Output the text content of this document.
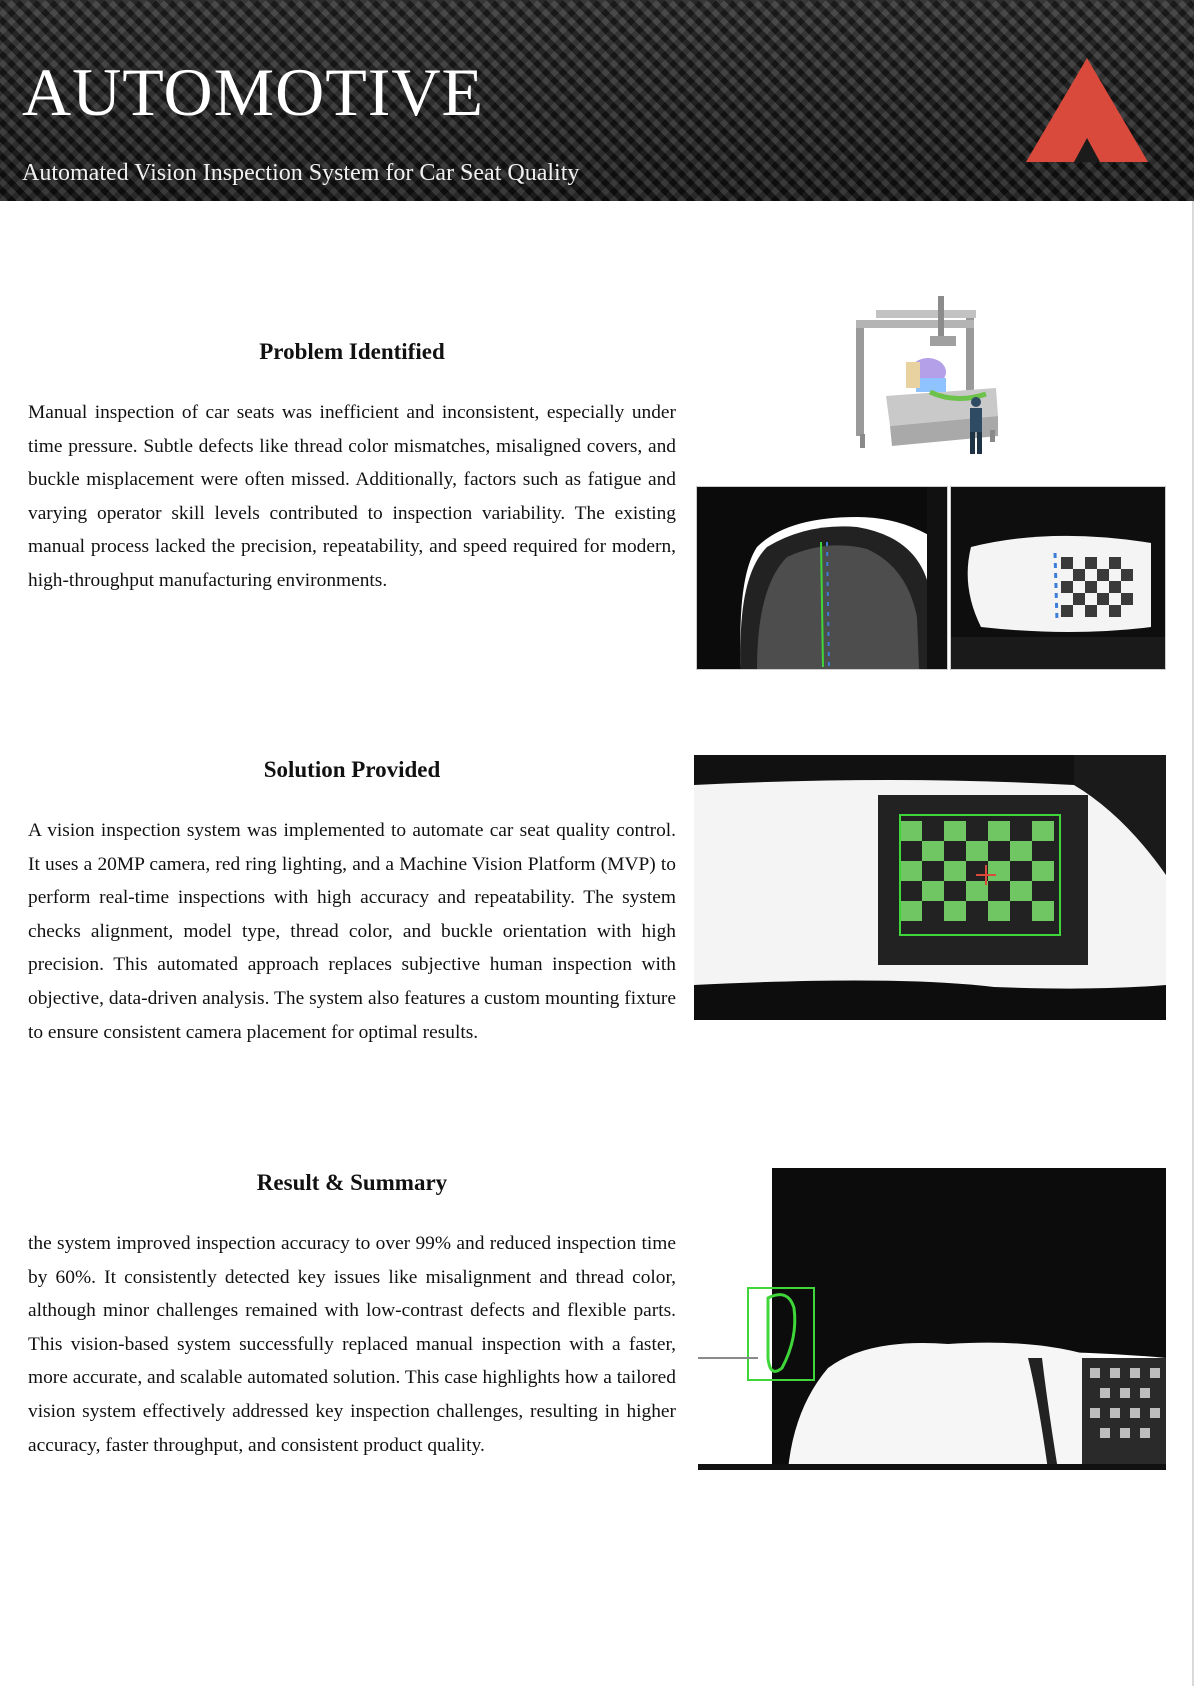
AUTOMOTIVE
Automated Vision Inspection System for Car Seat Quality
Problem Identified
Manual inspection of car seats was inefficient and inconsistent, especially under time pressure. Subtle defects like thread color mismatches, misaligned covers, and buckle misplacement were often missed. Additionally, factors such as fatigue and varying operator skill levels contributed to inspection variability. The existing manual process lacked the precision, repeatability, and speed required for modern, high-throughput manufacturing environments.
Solution Provided
A vision inspection system was implemented to automate car seat quality control. It uses a 20MP camera, red ring lighting, and a Machine Vision Platform (MVP) to perform real-time inspections with high accuracy and repeatability. The system checks alignment, model type, thread color, and buckle orientation with high precision. This automated approach replaces subjective human inspection with objective, data-driven analysis. The system also features a custom mounting fixture to ensure consistent camera placement for optimal results.
Result & Summary
the system improved inspection accuracy to over 99% and reduced inspection time by 60%. It consistently detected key issues like misalignment and thread color, although minor challenges remained with low-contrast defects and flexible parts. This vision-based system successfully replaced manual inspection with a faster, more accurate, and scalable automated solution. This case highlights how a tailored vision system effectively addressed key inspection challenges, resulting in higher accuracy, faster throughput, and consistent product quality.
